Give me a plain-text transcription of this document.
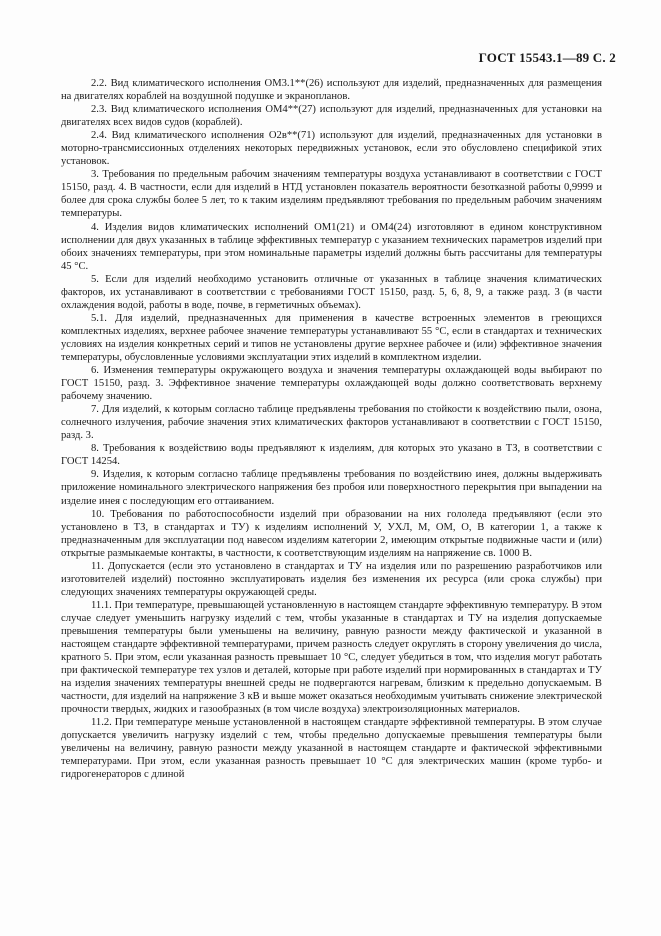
ГОСТ 15543.1—89 С. 2

2.2. Вид климатического исполнения ОМ3.1**(26) используют для изделий, предназначенных для размещения на двигателях кораблей на воздушной подушке и экранопланов.

2.3. Вид климатического исполнения ОМ4**(27) используют для изделий, предназначенных для установки на двигателях всех видов судов (кораблей).

2.4. Вид климатического исполнения О2в**(71) используют для изделий, предназначенных для установки в моторно-трансмиссионных отделениях некоторых передвижных установок, если это обусловлено спецификой этих установок.

3. Требования по предельным рабочим значениям температуры воздуха устанавливают в соответствии с ГОСТ 15150, разд. 4. В частности, если для изделий в НТД установлен показатель вероятности безотказной работы 0,9999 и более для срока службы более 5 лет, то к таким изделиям предъявляют требования по предельным рабочим значениям температуры.

4. Изделия видов климатических исполнений ОМ1(21) и ОМ4(24) изготовляют в едином конструктивном исполнении для двух указанных в таблице эффективных температур с указанием технических параметров изделий при обоих значениях температуры, при этом номинальные параметры изделий должны быть рассчитаны для температуры 45 °С.

5. Если для изделий необходимо установить отличные от указанных в таблице значения климатических факторов, их устанавливают в соответствии с требованиями ГОСТ 15150, разд. 5, 6, 8, 9, а также разд. 3 (в части охлаждения водой, работы в воде, почве, в герметичных объемах).

5.1. Для изделий, предназначенных для применения в качестве встроенных элементов в греющихся комплектных изделиях, верхнее рабочее значение температуры устанавливают 55 °С, если в стандартах и технических условиях на изделия конкретных серий и типов не установлены другие верхнее рабочее и (или) эффективное значения температуры, обусловленные условиями эксплуатации этих изделий в комплектном изделии.

6. Изменения температуры окружающего воздуха и значения температуры охлаждающей воды выбирают по ГОСТ 15150, разд. 3. Эффективное значение температуры охлаждающей воды должно соответствовать верхнему рабочему значению.

7. Для изделий, к которым согласно таблице предъявлены требования по стойкости к воздействию пыли, озона, солнечного излучения, рабочие значения этих климатических факторов устанавливают в соответствии с ГОСТ 15150, разд. 3.

8. Требования к воздействию воды предъявляют к изделиям, для которых это указано в ТЗ, в соответствии с ГОСТ 14254.

9. Изделия, к которым согласно таблице предъявлены требования по воздействию инея, должны выдерживать приложение номинального электрического напряжения без пробоя или поверхностного перекрытия при выпадении на изделие инея с последующим его оттаиванием.

10. Требования по работоспособности изделий при образовании на них гололеда предъявляют (если это установлено в ТЗ, в стандартах и ТУ) к изделиям исполнений У, УХЛ, М, ОМ, О, В категории 1, а также к предназначенным для эксплуатации под навесом изделиям категории 2, имеющим открытые подвижные части и (или) открытые размыкаемые контакты, в частности, к соответствующим изделиям на напряжение св. 1000 В.

11. Допускается (если это установлено в стандартах и ТУ на изделия или по разрешению разработчиков или изготовителей изделий) постоянно эксплуатировать изделия без изменения их ресурса (или срока службы) при следующих значениях температуры окружающей среды.

11.1. При температуре, превышающей установленную в настоящем стандарте эффективную температуру. В этом случае следует уменьшить нагрузку изделий с тем, чтобы указанные в стандартах и ТУ на изделия допускаемые превышения температуры были уменьшены на величину, равную разности между фактической и указанной в настоящем стандарте эффективной температурами, причем разность следует округлять в сторону увеличения до числа, кратного 5. При этом, если указанная разность превышает 10 °С, следует убедиться в том, что изделия могут работать при фактической температуре тех узлов и деталей, которые при работе изделий при нормированных в стандартах и ТУ на изделия значениях температуры внешней среды не подвергаются нагревам, близким к предельно допускаемым. В частности, для изделий на напряжение 3 кВ и выше может оказаться необходимым учитывать снижение электрической прочности твердых, жидких и газообразных (в том числе воздуха) электроизоляционных материалов.

11.2. При температуре меньше установленной в настоящем стандарте эффективной температуры. В этом случае допускается увеличить нагрузку изделий с тем, чтобы предельно допускаемые превышения температуры были увеличены на величину, равную разности между указанной в настоящем стандарте и фактической эффективными температурами. При этом, если указанная разность превышает 10 °С для электрических машин (кроме турбо- и гидрогенераторов с длиной
